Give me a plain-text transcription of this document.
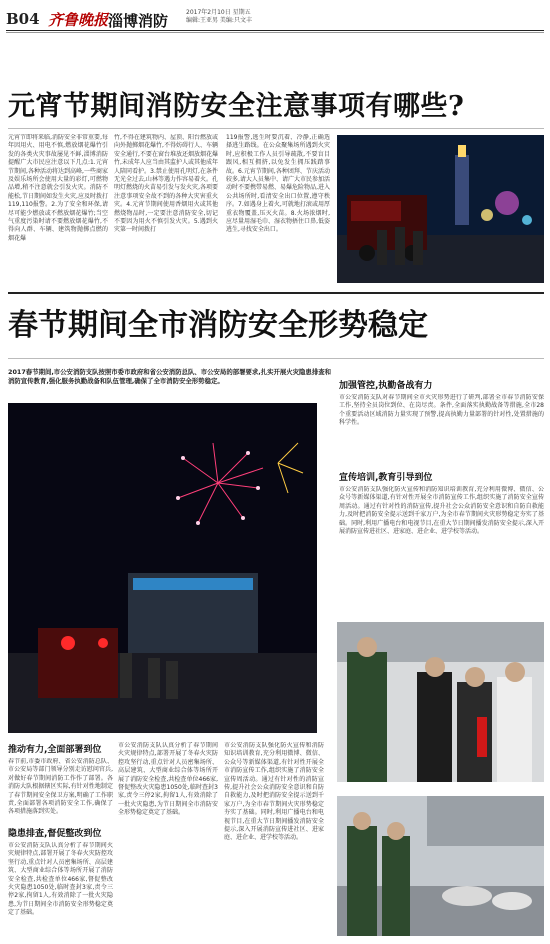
B04 齐鲁晚报 淄博消防	2017年2月10日 星期五
编辑:王亚男 美编:只文丰
元宵节期间消防安全注意事项有哪些?
元宵节即将来临,消防安全非常重要,每年因用火、用电不慎,燃放烟花爆竹引发的各类火灾事故屡见不鲜,淄博消防提醒广大市民应注意以下几点:1.元宵节期间,各种活动将达到高峰,一些商家及娱乐场所会使用大量的彩灯,可燃物品增,稍不注意就会引发火灾。消防不能松,节日期间如发生火灾,应及时拨打119,110报警。2.为了安全和环保,请尽可能少燃放或不燃放烟花爆竹;当空气重度污染时请不要燃放烟花爆竹,不得向人群、车辆、建筑物抛掷点燃的烟花爆
竹,不得在建筑物内、屋顶、阳台燃放或向外抛掷烟花爆竹,不得妨碍行人、车辆安全通行,不要在窗台堆放还烟放烟花爆竹,未成年人应当由其监护人或其他成年人陪同看护。3.禁止使用孔明灯,在条件无光全过去,山林等遇力作容易着火。孔明灯燃烧的火苗易引发与发火灾,各项要注意事项安全故不到的各种大灾害重火灾。4.元宵节期间使用香烟用火或其他燃烧物品时,一定要注意消防安全,切记不要因为用火不慎引发火灾。5.遇到火灾第一时间拨打
119报警,逃生时要沉着、冷静,正确选择逃生路线。在公众聚集场所遇到火灾时,应积极工作人员引导疏散,不要盲目跟风,相互拥挤,以免发生拥压践踏事故。6.元宵节期间,各种团拜、节庆活动较多,请大人员集中、请广大市民参加活动时不要携带易燃、易爆危险物品,进入公共场所时,看清安全出口位置,遵守秩序。7.如遇身上着火,可就地打滚或用厚重衣物覆盖,压灭火苗。8.火场浓烟时,应尽量用湿毛巾、湿衣物捂住口鼻,低姿逃生,寻找安全出口。
春节期间全市消防安全形势稳定
2017春节期间,市公安消防支队按照市委市政府和省公安消防总队、市公安局的部署要求,扎实开展火灾隐患排查和消防宣传教育,强化服务执勤战备和队伍管理,确保了全市消防安全形势稳定。
加强管控,执勤备战有力
市公安消防支队对春节期间全市火灾形势进行了研判,部署全市春节消防安保工作,坚持全员岗位到位、在岗尽责。条件,全面落实执勤战备等措施,全市28个重要活动区域消防力量实现了预警,提高执勤力量部署的针对性,处置措施的科学性。
宣传培训,教育引导到位
市公安消防支队强化防火宣传和消防知识培训教育,充分利用微博、微信、公众号等新媒体渠道,有针对性开展全市消防宣传工作,组织实施了消防安全宣传周活动。通过有针对性的消防宣传,提升社会公众消防安全意识和自防自救能力,及时把消防安全提示送到千家万户,为全市春节期间火灾形势稳定夯实了基础。同时,利用广播电台和电视节目,在重大节日期间播发消防安全提示,深入开展消防宣传进社区、进家庭、进企业、进学校等活动。
推动有力,全面部署到位
春节前,市委市政府、省公安消防总队、市公安局等部门领导分别走访慰问官兵,对做好春节期间消防工作作了部署。各消防大队根据辖区实际,有针对性地制定了春节期间安全保卫方案,明确了工作职责,全面部署各项消防安全工作,确保了各项措施落到实处。
隐患排查,督促整改到位
市公安消防支队认真分析了春节期间火灾规律特点,部署开展了冬春火灾防控攻坚行动,重点针对人员密集场所、高层建筑、大型商业综合体等场所开展了消防安全检查,共检查单位466家,督促整改火灾隐患1050处,临时查封3家,责令三停2家,拘留1人,有效消除了一批火灾隐患,为节日期间全市消防安全形势稳定奠定了基础。
市公安消防支队认真分析了春节期间火灾规律特点,部署开展了冬春火灾防控攻坚行动,重点针对人员密集场所、高层建筑、大型商业综合体等场所开展了消防安全检查,共检查单位466家,督促整改火灾隐患1050处,临时查封3家,责令三停2家,拘留1人,有效消除了一批火灾隐患,为节日期间全市消防安全形势稳定奠定了基础。
市公安消防支队强化防火宣传和消防知识培训教育,充分利用微博、微信、公众号等新媒体渠道,有针对性开展全市消防宣传工作,组织实施了消防安全宣传周活动。通过有针对性的消防宣传,提升社会公众消防安全意识和自防自救能力,及时把消防安全提示送到千家万户,为全市春节期间火灾形势稳定夯实了基础。同时,利用广播电台和电视节目,在重大节日期间播发消防安全提示,深入开展消防宣传进社区、进家庭、进企业、进学校等活动。
